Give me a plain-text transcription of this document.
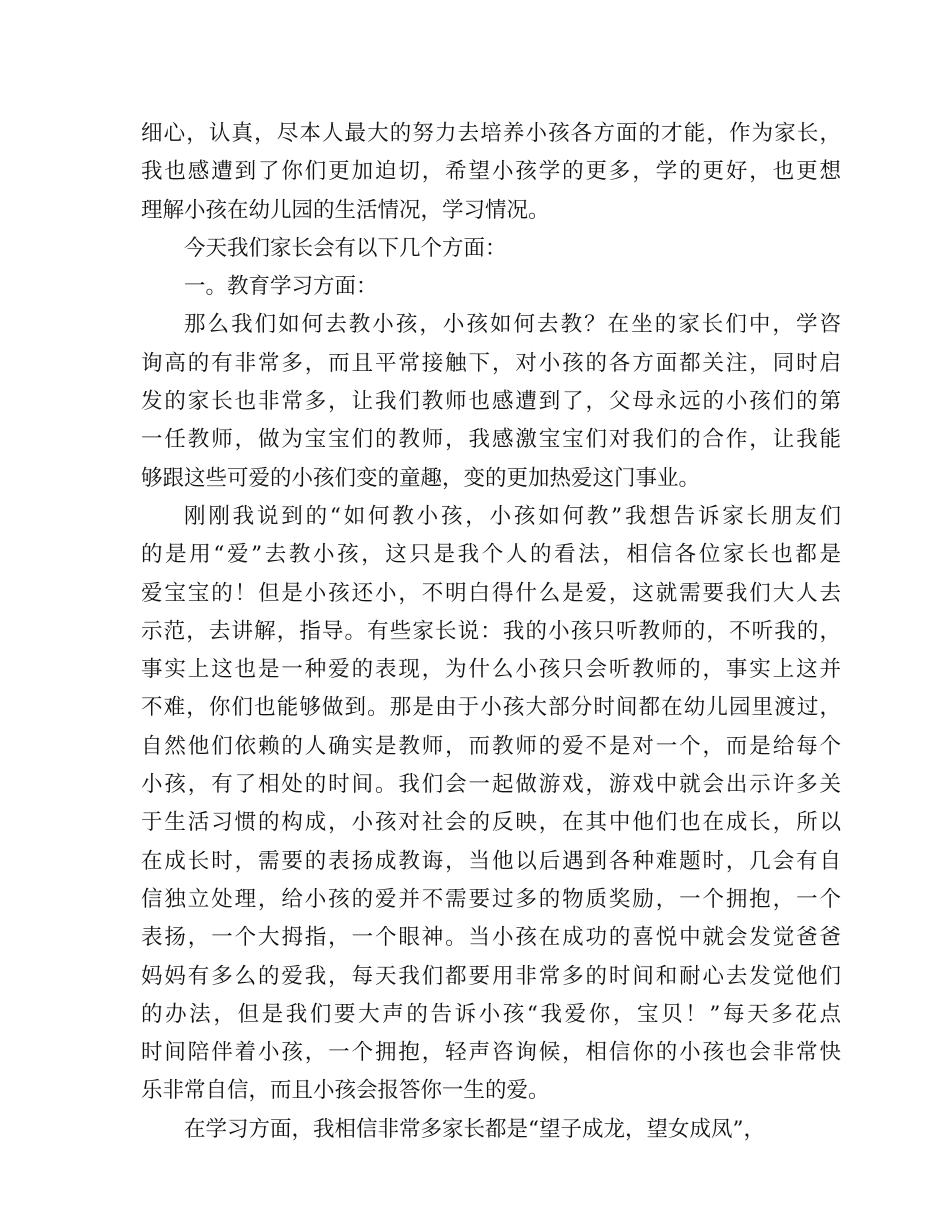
细心，认真，尽本人最大的努力去培养小孩各方面的才能，作为家长，
我也感遭到了你们更加迫切，希望小孩学的更多，学的更好，也更想
理解小孩在幼儿园的生活情况，学习情况。
今天我们家长会有以下几个方面：
一。教育学习方面：
那么我们如何去教小孩，小孩如何去教？在坐的家长们中，学咨
询高的有非常多，而且平常接触下，对小孩的各方面都关注，同时启
发的家长也非常多，让我们教师也感遭到了，父母永远的小孩们的第
一任教师，做为宝宝们的教师，我感激宝宝们对我们的合作，让我能
够跟这些可爱的小孩们变的童趣，变的更加热爱这门事业。
刚刚我说到的“如何教小孩，小孩如何教”我想告诉家长朋友们
的是用“爱”去教小孩，这只是我个人的看法，相信各位家长也都是
爱宝宝的！但是小孩还小，不明白得什么是爱，这就需要我们大人去
示范，去讲解，指导。有些家长说：我的小孩只听教师的，不听我的，
事实上这也是一种爱的表现，为什么小孩只会听教师的，事实上这并
不难，你们也能够做到。那是由于小孩大部分时间都在幼儿园里渡过，
自然他们依赖的人确实是教师，而教师的爱不是对一个，而是给每个
小孩，有了相处的时间。我们会一起做游戏，游戏中就会出示许多关
于生活习惯的构成，小孩对社会的反映，在其中他们也在成长，所以
在成长时，需要的表扬成教诲，当他以后遇到各种难题时，几会有自
信独立处理，给小孩的爱并不需要过多的物质奖励，一个拥抱，一个
表扬，一个大拇指，一个眼神。当小孩在成功的喜悦中就会发觉爸爸
妈妈有多么的爱我，每天我们都要用非常多的时间和耐心去发觉他们
的办法，但是我们要大声的告诉小孩“我爱你，宝贝！”每天多花点
时间陪伴着小孩，一个拥抱，轻声咨询候，相信你的小孩也会非常快
乐非常自信，而且小孩会报答你一生的爱。
在学习方面，我相信非常多家长都是“望子成龙，望女成凤”，
